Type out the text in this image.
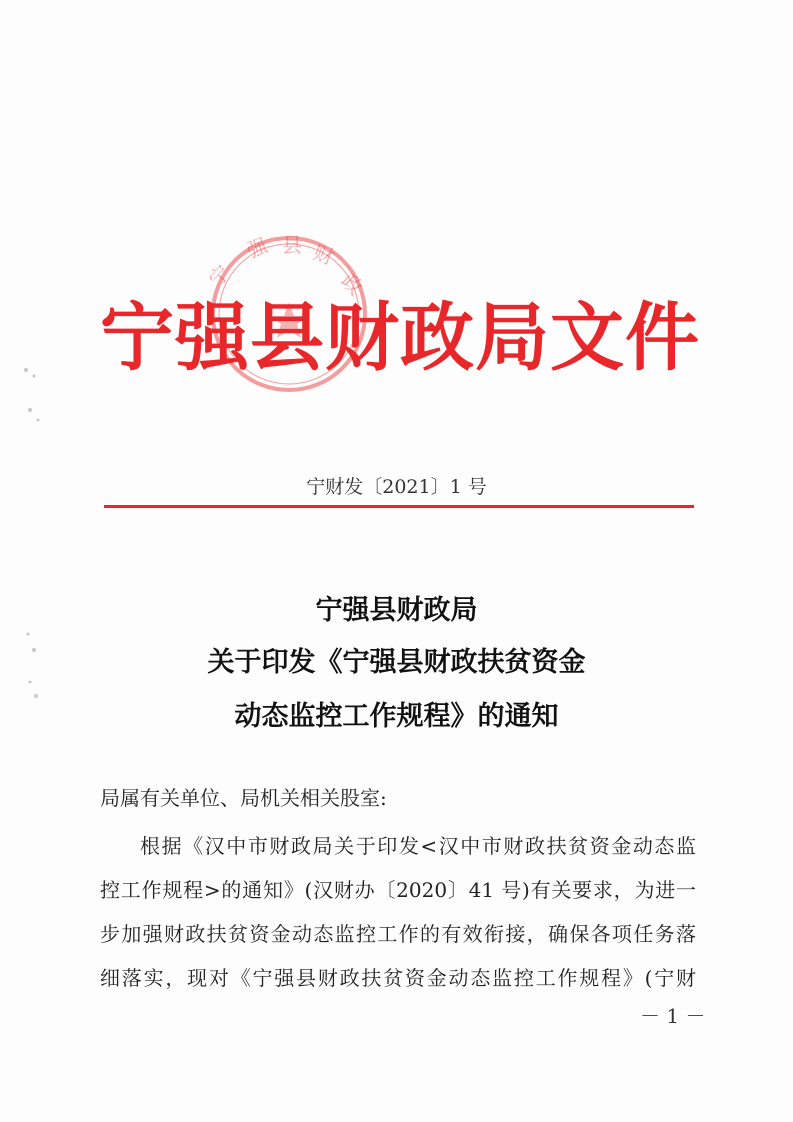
宁
强 县 财
政
宁强县财政局文件
宁财发〔2021〕1 号
宁强县财政局
关于印发《宁强县财政扶贫资金
动态监控工作规程》的通知
局属有关单位、局机关相关股室:
根据《汉中市财政局关于印发<汉中市财政扶贫资金动态监
控工作规程>的通知》(汉财办〔2020〕41 号)有关要求，为进一
步加强财政扶贫资金动态监控工作的有效衔接，确保各项任务落
细落实，现对《宁强县财政扶贫资金动态监控工作规程》(宁财
－ 1 －
